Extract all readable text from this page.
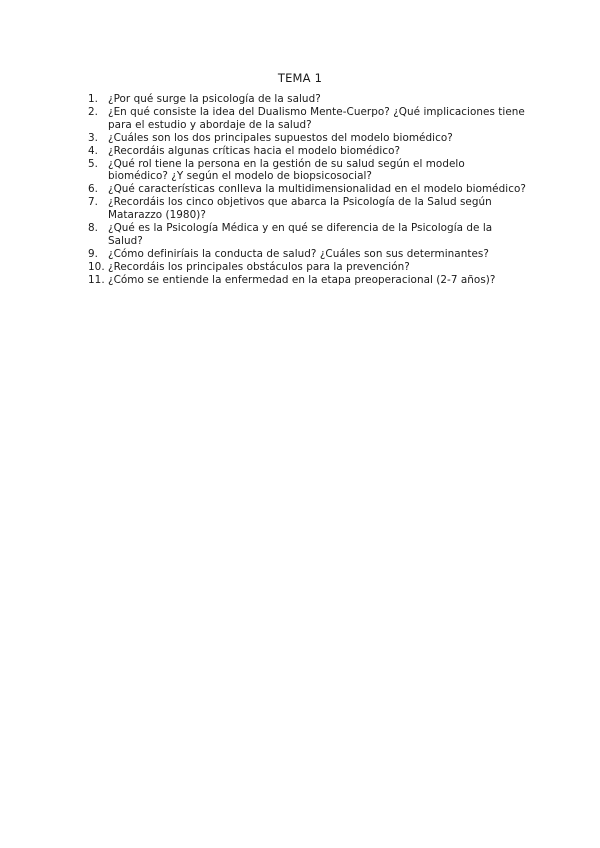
TEMA 1
1. ¿Por qué surge la psicología de la salud?
2. ¿En qué consiste la idea del Dualismo Mente-Cuerpo? ¿Qué implicaciones tiene para el estudio y abordaje de la salud?
3. ¿Cuáles son los dos principales supuestos del modelo biomédico?
4. ¿Recordáis algunas críticas hacia el modelo biomédico?
5. ¿Qué rol tiene la persona en la gestión de su salud según el modelo biomédico? ¿Y según el modelo de biopsicosocial?
6. ¿Qué características conlleva la multidimensionalidad en el modelo biomédico?
7. ¿Recordáis los cinco objetivos que abarca la Psicología de la Salud según Matarazzo (1980)?
8. ¿Qué es la Psicología Médica y en qué se diferencia de la Psicología de la Salud?
9. ¿Cómo definiríais la conducta de salud? ¿Cuáles son sus determinantes?
10. ¿Recordáis los principales obstáculos para la prevención?
11. ¿Cómo se entiende la enfermedad en la etapa preoperacional (2-7 años)?
